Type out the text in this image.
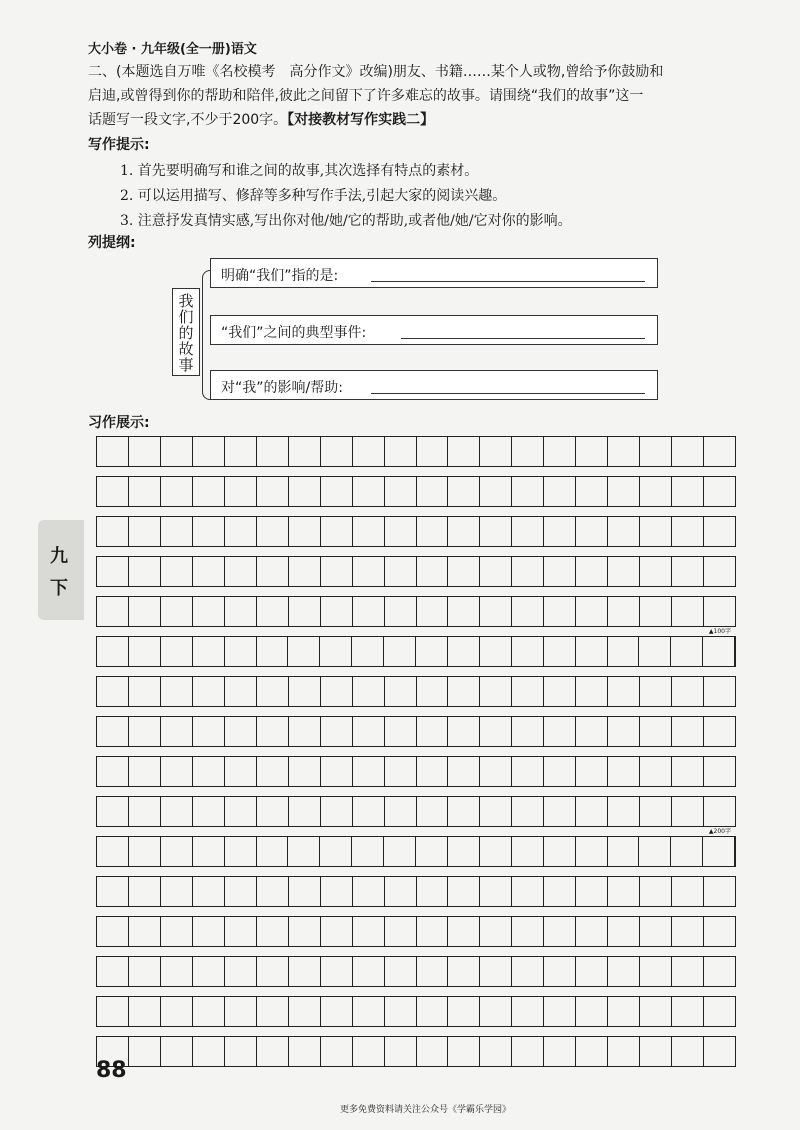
大小卷 · 九年级(全一册)语文
二、(本题选自万唯《名校模考　高分作文》改编)朋友、书籍……某个人或物,曾给予你鼓励和
启迪,或曾得到你的帮助和陪伴,彼此之间留下了许多难忘的故事。请围绕“我们的故事”这一
话题写一段文字,不少于200字。【对接教材写作实践二】
写作提示:
1. 首先要明确写和谁之间的故事,其次选择有特点的素材。
2. 可以运用描写、修辞等多种写作手法,引起大家的阅读兴趣。
3. 注意抒发真情实感,写出你对他/她/它的帮助,或者他/她/它对你的影响。
列提纲:
我们的故事
明确“我们”指的是:
“我们”之间的典型事件:
对“我”的影响/帮助:
习作展示:
九
下
▲100字
▲200字
88
更多免费资料请关注公众号《学霸乐学园》
